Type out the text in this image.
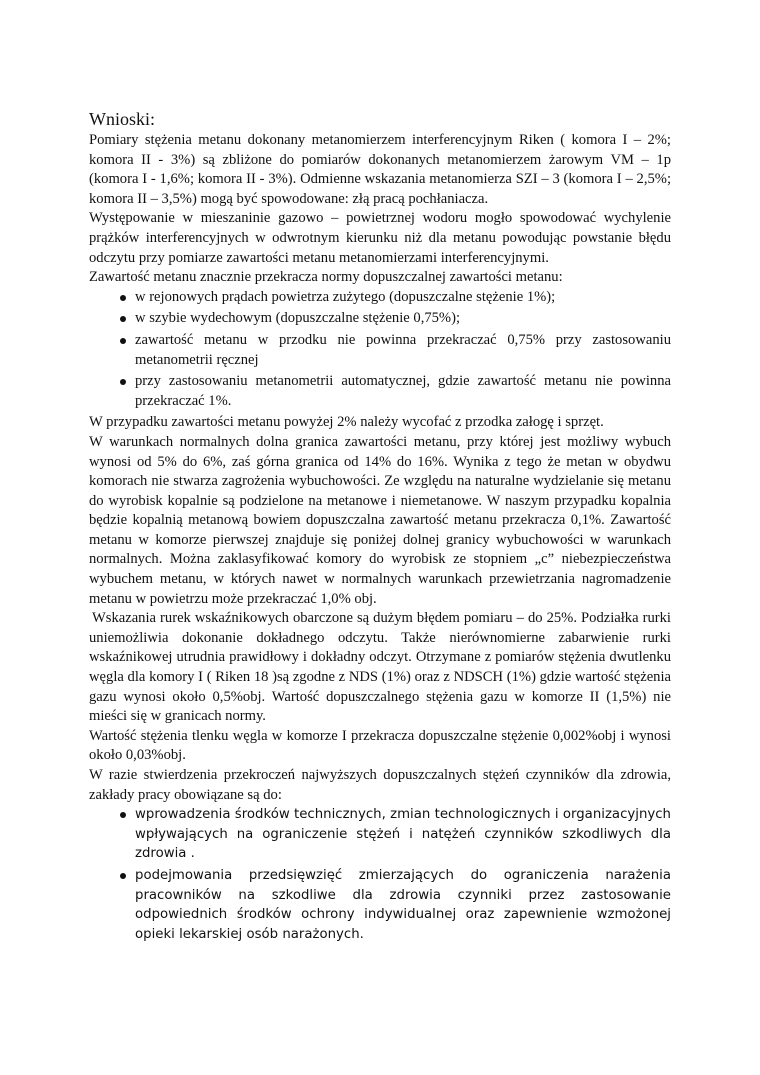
Wnioski:

Pomiary stężenia metanu dokonany metanomierzem interferencyjnym Riken ( komora I – 2%; komora II - 3%) są zbliżone do pomiarów dokonanych metanomierzem żarowym VM – 1p (komora I - 1,6%; komora II - 3%). Odmienne wskazania metanomierza SZI – 3 (komora I – 2,5%; komora II – 3,5%) mogą być spowodowane: złą pracą pochłaniacza.

Występowanie w mieszaninie gazowo – powietrznej wodoru mogło spowodować wychylenie prążków interferencyjnych w odwrotnym kierunku niż dla metanu powodując powstanie błędu odczytu przy pomiarze zawartości metanu metanomierzami interferencyjnymi.

Zawartość metanu znacznie przekracza normy dopuszczalnej zawartości metanu:

w rejonowych prądach powietrza zużytego (dopuszczalne stężenie 1%);
w szybie wydechowym (dopuszczalne stężenie 0,75%);
zawartość metanu w przodku nie powinna przekraczać 0,75% przy zastosowaniu metanometrii ręcznej
przy zastosowaniu metanometrii automatycznej, gdzie zawartość metanu nie powinna przekraczać 1%.

W przypadku zawartości metanu powyżej 2% należy wycofać z przodka załogę i sprzęt.

W warunkach normalnych dolna granica zawartości metanu, przy której jest możliwy wybuch wynosi od 5% do 6%, zaś górna granica od 14% do 16%. Wynika z tego że metan w obydwu komorach nie stwarza zagrożenia wybuchowości. Ze względu na naturalne wydzielanie się metanu do wyrobisk kopalnie są podzielone na metanowe i niemetanowe. W naszym przypadku kopalnia będzie kopalnią metanową bowiem dopuszczalna zawartość metanu przekracza 0,1%. Zawartość metanu w komorze pierwszej znajduje się poniżej dolnej granicy wybuchowości w warunkach normalnych. Można zaklasyfikować komory do wyrobisk ze stopniem „c” niebezpieczeństwa wybuchem metanu, w których nawet w normalnych warunkach przewietrzania nagromadzenie metanu w powietrzu może przekraczać 1,0% obj.

Wskazania rurek wskaźnikowych obarczone są dużym błędem pomiaru – do 25%. Podziałka rurki uniemożliwia dokonanie dokładnego odczytu. Także nierównomierne zabarwienie rurki wskaźnikowej utrudnia prawidłowy i dokładny odczyt. Otrzymane z pomiarów stężenia dwutlenku węgla dla komory I ( Riken 18 )są zgodne z NDS (1%) oraz z NDSCH (1%) gdzie wartość stężenia gazu wynosi około 0,5%obj. Wartość dopuszczalnego stężenia gazu w komorze II (1,5%) nie mieści się w granicach normy.

Wartość stężenia tlenku węgla w komorze I przekracza dopuszczalne stężenie 0,002%obj i wynosi około 0,03%obj.

W razie stwierdzenia przekroczeń najwyższych dopuszczalnych stężeń czynników dla zdrowia, zakłady pracy obowiązane są do:

wprowadzenia środków technicznych, zmian technologicznych i organizacyjnych wpływających na ograniczenie stężeń i natężeń czynników szkodliwych dla zdrowia .
podejmowania przedsięwzięć zmierzających do ograniczenia narażenia pracowników na szkodliwe dla zdrowia czynniki przez zastosowanie odpowiednich środków ochrony indywidualnej oraz zapewnienie wzmożonej opieki lekarskiej osób narażonych.
